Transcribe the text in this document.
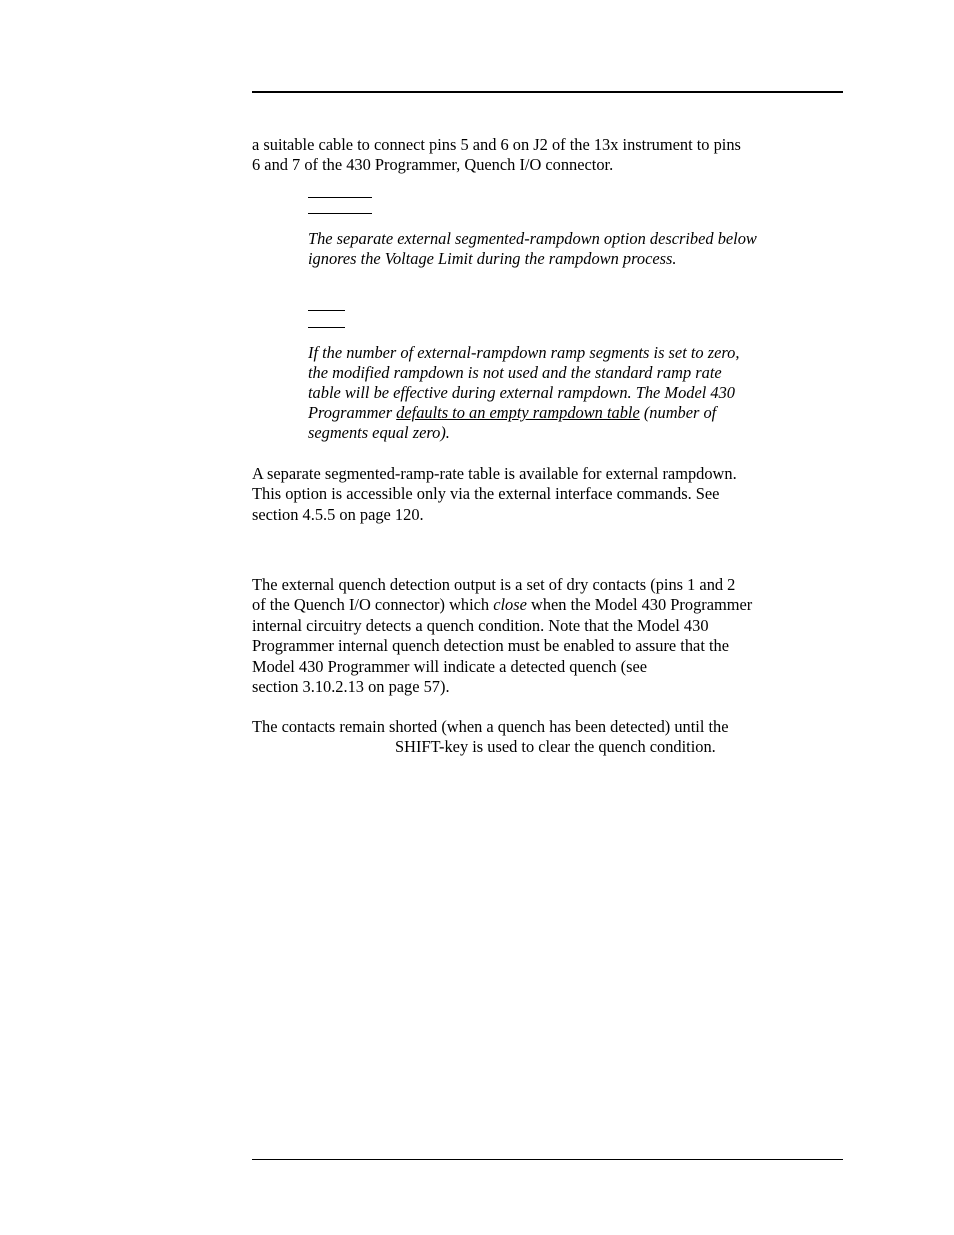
a suitable cable to connect pins 5 and 6 on J2 of the 13x instrument to pins
6 and 7 of the 430 Programmer, Quench I/O connector.

The separate external segmented-rampdown option described below
ignores the Voltage Limit during the rampdown process.

If the number of external-rampdown ramp segments is set to zero,
the modified rampdown is not used and the standard ramp rate
table will be effective during external rampdown. The Model 430
Programmer defaults to an empty rampdown table (number of
segments equal zero).

A separate segmented-ramp-rate table is available for external rampdown.
This option is accessible only via the external interface commands. See
section 4.5.5 on page 120.

The external quench detection output is a set of dry contacts (pins 1 and 2
of the Quench I/O connector) which close when the Model 430 Programmer
internal circuitry detects a quench condition. Note that the Model 430
Programmer internal quench detection must be enabled to assure that the
Model 430 Programmer will indicate a detected quench (see
section 3.10.2.13 on page 57).

The contacts remain shorted (when a quench has been detected) until the
SHIFT-key is used to clear the quench condition.
